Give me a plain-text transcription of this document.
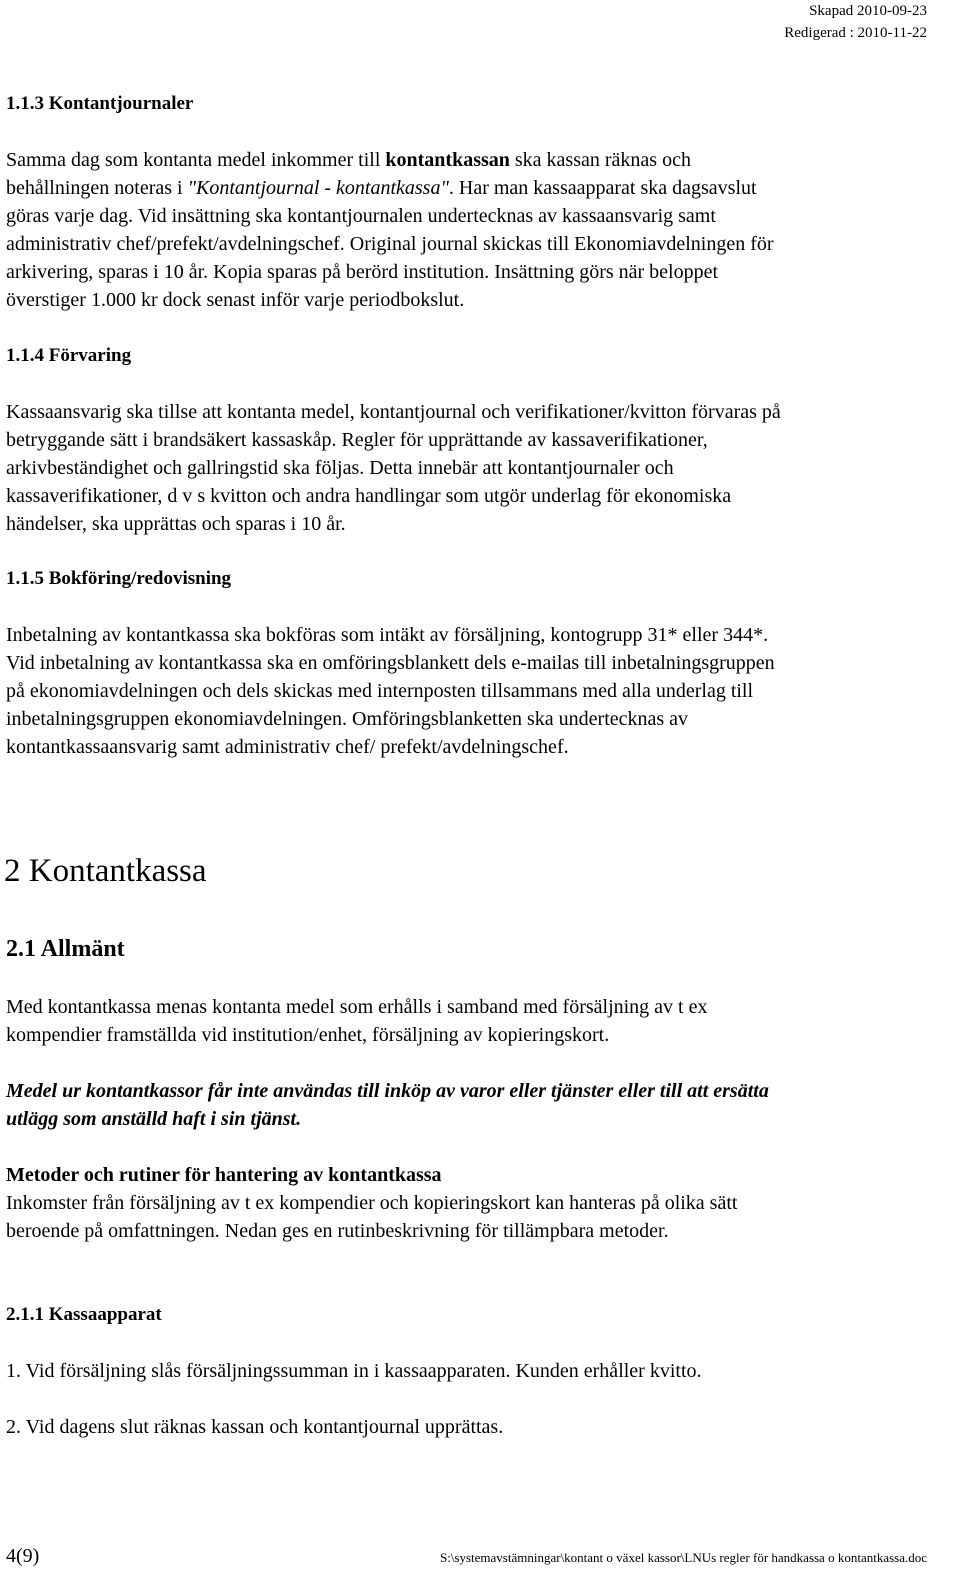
Skapad 2010-09-23
Redigerad : 2010-11-22
1.1.3 Kontantjournaler
Samma dag som kontanta medel inkommer till kontantkassan ska kassan räknas och
behållningen noteras i "Kontantjournal - kontantkassa". Har man kassaapparat ska dagsavslut
göras varje dag. Vid insättning ska kontantjournalen undertecknas av kassaansvarig samt
administrativ chef/prefekt/avdelningschef. Original journal skickas till Ekonomiavdelningen för
arkivering, sparas i 10 år. Kopia sparas på berörd institution. Insättning görs när beloppet
överstiger 1.000 kr dock senast inför varje periodbokslut.
1.1.4 Förvaring
Kassaansvarig ska tillse att kontanta medel, kontantjournal och verifikationer/kvitton förvaras på
betryggande sätt i brandsäkert kassaskåp. Regler för upprättande av kassaverifikationer,
arkivbeständighet och gallringstid ska följas. Detta innebär att kontantjournaler och
kassaverifikationer, d v s kvitton och andra handlingar som utgör underlag för ekonomiska
händelser, ska upprättas och sparas i 10 år.
1.1.5 Bokföring/redovisning
Inbetalning av kontantkassa ska bokföras som intäkt av försäljning, kontogrupp 31* eller 344*.
Vid inbetalning av kontantkassa ska en omföringsblankett dels e-mailas till inbetalningsgruppen
på ekonomiavdelningen och dels skickas med internposten tillsammans med alla underlag till
inbetalningsgruppen ekonomiavdelningen. Omföringsblanketten ska undertecknas av
kontantkassaansvarig samt administrativ chef/ prefekt/avdelningschef.
2 Kontantkassa
2.1 Allmänt
Med kontantkassa menas kontanta medel som erhålls i samband med försäljning av t ex
kompendier framställda vid institution/enhet, försäljning av kopieringskort.
Medel ur kontantkassor får inte användas till inköp av varor eller tjänster eller till att ersätta
utlägg som anställd haft i sin tjänst.
Metoder och rutiner för hantering av kontantkassa
Inkomster från försäljning av t ex kompendier och kopieringskort kan hanteras på olika sätt
beroende på omfattningen. Nedan ges en rutinbeskrivning för tillämpbara metoder.
2.1.1 Kassaapparat
1. Vid försäljning slås försäljningssumman in i kassaapparaten. Kunden erhåller kvitto.
2. Vid dagens slut räknas kassan och kontantjournal upprättas.
4(9)	S:\systemavstämningar\kontant o växel kassor\LNUs regler för handkassa o kontantkassa.doc
